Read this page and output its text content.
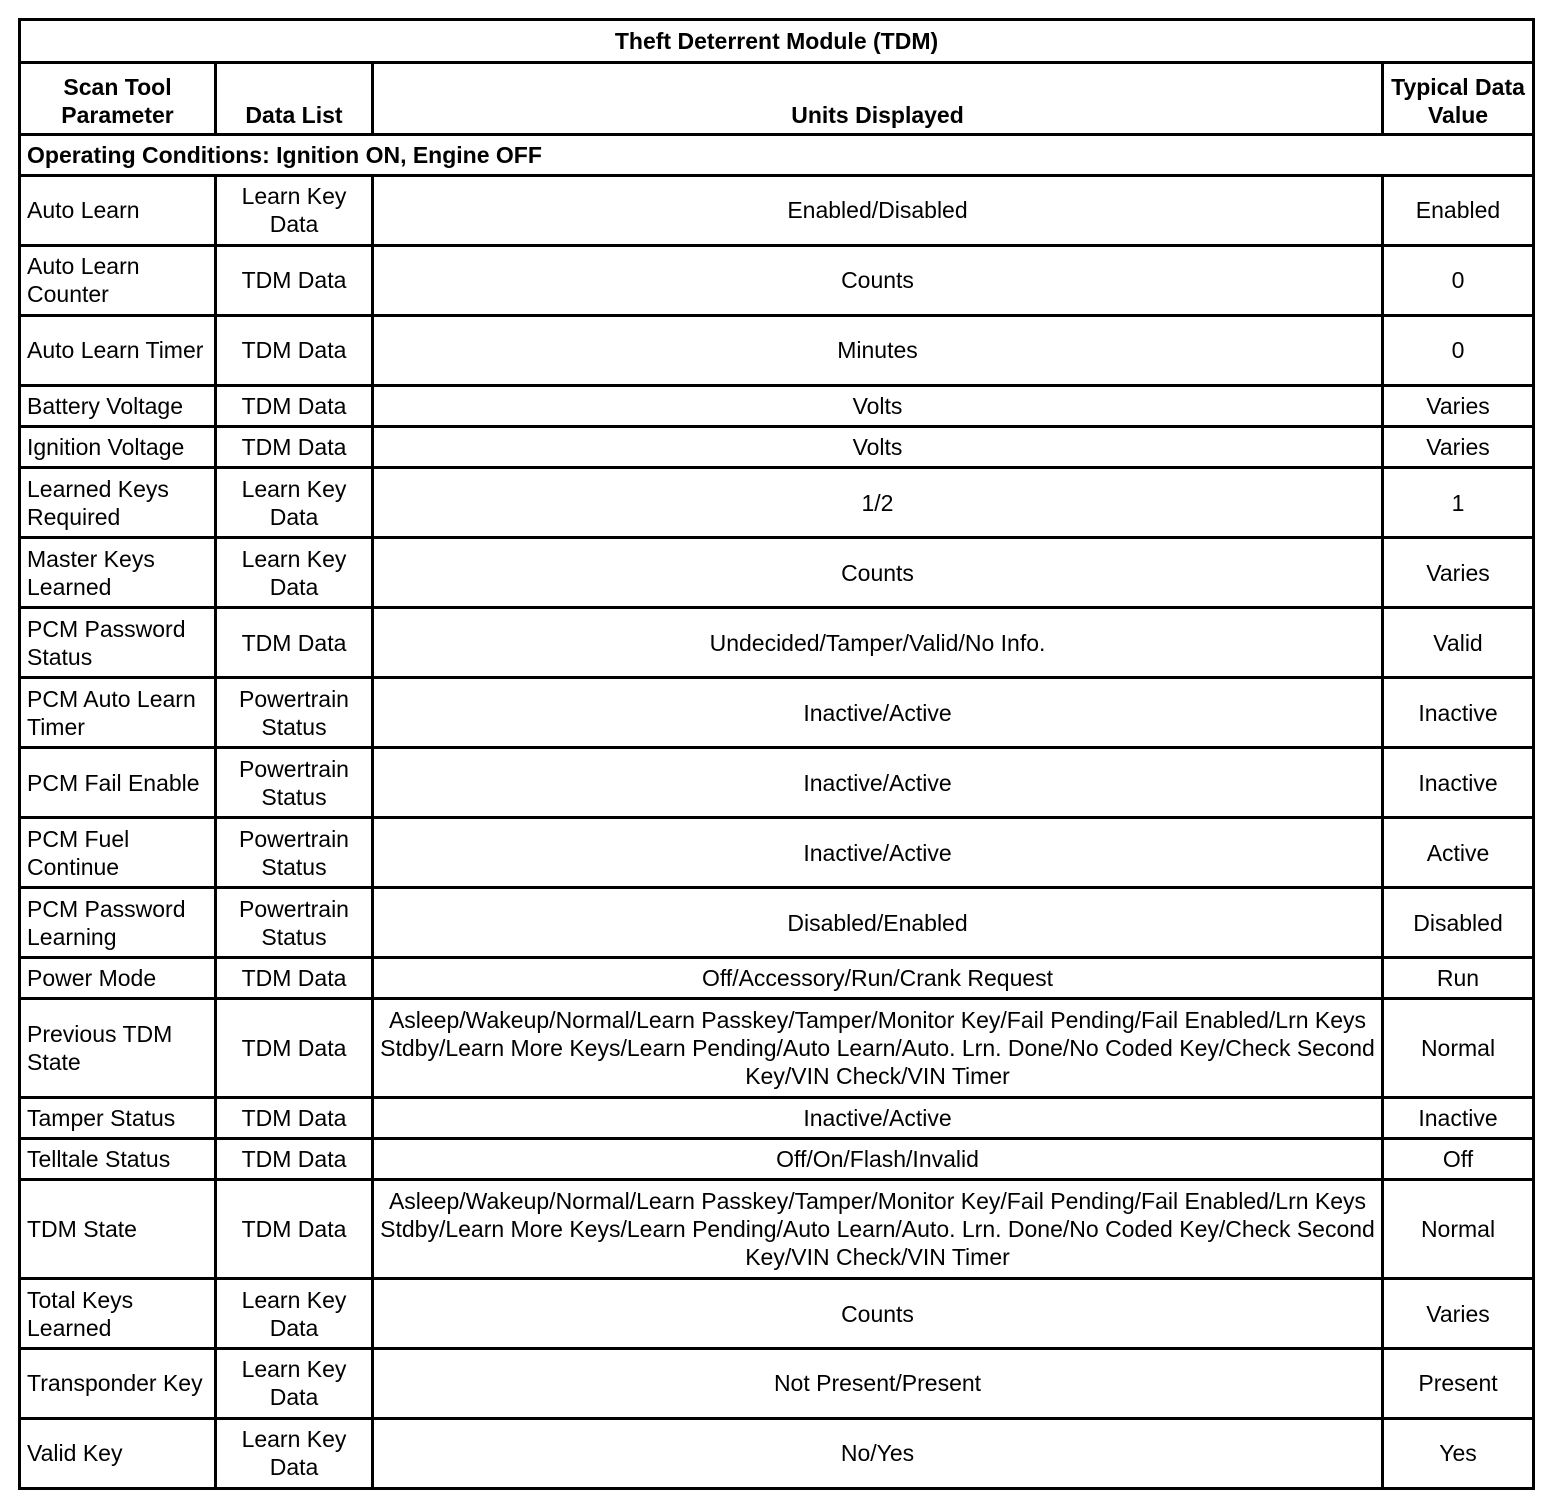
Theft Deterrent Module (TDM)			
Scan Tool Parameter	Data List	Units Displayed	Typical Data Value
Operating Conditions: Ignition ON, Engine OFF			
Auto Learn	Learn Key Data	Enabled/Disabled	Enabled
Auto Learn Counter	TDM Data	Counts	0
Auto Learn Timer	TDM Data	Minutes	0
Battery Voltage	TDM Data	Volts	Varies
Ignition Voltage	TDM Data	Volts	Varies
Learned Keys Required	Learn Key Data	1/2	1
Master Keys Learned	Learn Key Data	Counts	Varies
PCM Password Status	TDM Data	Undecided/Tamper/Valid/No Info.	Valid
PCM Auto Learn Timer	Powertrain Status	Inactive/Active	Inactive
PCM Fail Enable	Powertrain Status	Inactive/Active	Inactive
PCM Fuel Continue	Powertrain Status	Inactive/Active	Active
PCM Password Learning	Powertrain Status	Disabled/Enabled	Disabled
Power Mode	TDM Data	Off/Accessory/Run/Crank Request	Run
Previous TDM State	TDM Data	Asleep/Wakeup/Normal/Learn Passkey/Tamper/Monitor Key/Fail Pending/Fail Enabled/Lrn Keys Stdby/Learn More Keys/Learn Pending/Auto Learn/Auto. Lrn. Done/No Coded Key/Check Second Key/VIN Check/VIN Timer	Normal
Tamper Status	TDM Data	Inactive/Active	Inactive
Telltale Status	TDM Data	Off/On/Flash/Invalid	Off
TDM State	TDM Data	Asleep/Wakeup/Normal/Learn Passkey/Tamper/Monitor Key/Fail Pending/Fail Enabled/Lrn Keys Stdby/Learn More Keys/Learn Pending/Auto Learn/Auto. Lrn. Done/No Coded Key/Check Second Key/VIN Check/VIN Timer	Normal
Total Keys Learned	Learn Key Data	Counts	Varies
Transponder Key	Learn Key Data	Not Present/Present	Present
Valid Key	Learn Key Data	No/Yes	Yes
